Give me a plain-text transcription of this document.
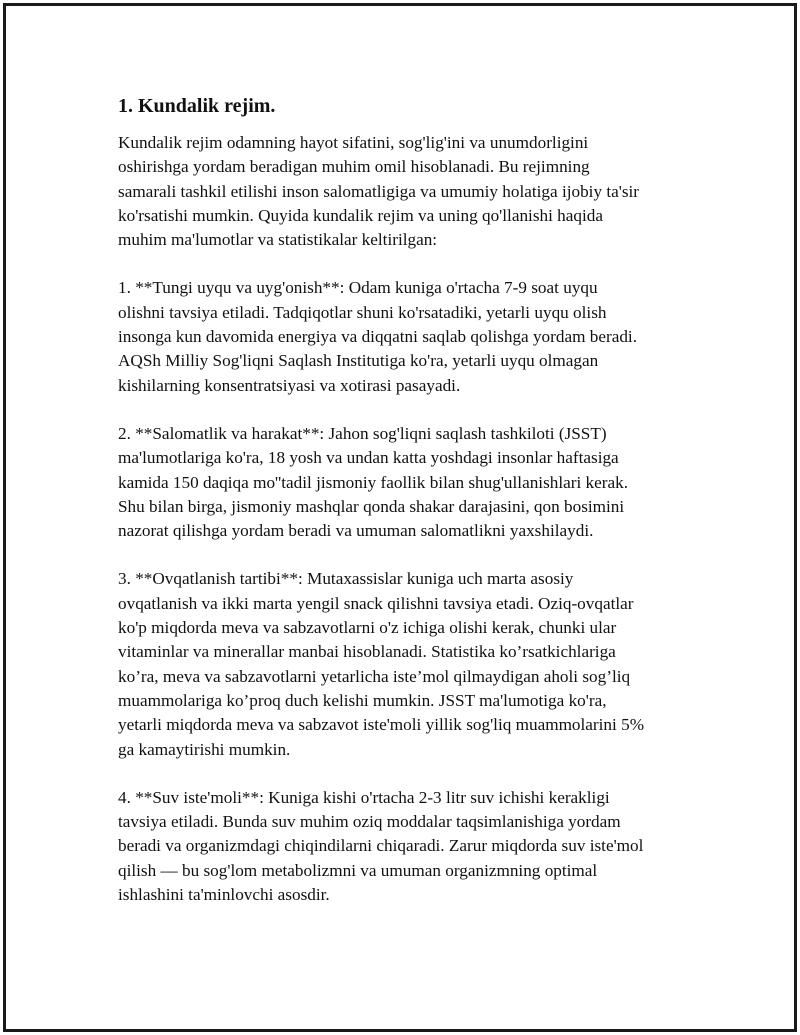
1. Kundalik rejim.

Kundalik rejim odamning hayot sifatini, sog'lig'ini va unumdorligini
oshirishga yordam beradigan muhim omil hisoblanadi. Bu rejimning
samarali tashkil etilishi inson salomatligiga va umumiy holatiga ijobiy ta'sir
ko'rsatishi mumkin. Quyida kundalik rejim va uning qo'llanishi haqida
muhim ma'lumotlar va statistikalar keltirilgan:

1. **Tungi uyqu va uyg'onish**: Odam kuniga o'rtacha 7-9 soat uyqu
olishni tavsiya etiladi. Tadqiqotlar shuni ko'rsatadiki, yetarli uyqu olish
insonga kun davomida energiya va diqqatni saqlab qolishga yordam beradi.
AQSh Milliy Sog'liqni Saqlash Institutiga ko'ra, yetarli uyqu olmagan
kishilarning konsentratsiyasi va xotirasi pasayadi.

2. **Salomatlik va harakat**: Jahon sog'liqni saqlash tashkiloti (JSST)
ma'lumotlariga ko'ra, 18 yosh va undan katta yoshdagi insonlar haftasiga
kamida 150 daqiqa mo''tadil jismoniy faollik bilan shug'ullanishlari kerak.
Shu bilan birga, jismoniy mashqlar qonda shakar darajasini, qon bosimini
nazorat qilishga yordam beradi va umuman salomatlikni yaxshilaydi.

3. **Ovqatlanish tartibi**: Mutaxassislar kuniga uch marta asosiy
ovqatlanish va ikki marta yengil snack qilishni tavsiya etadi. Oziq-ovqatlar
ko'p miqdorda meva va sabzavotlarni o'z ichiga olishi kerak, chunki ular
vitaminlar va minerallar manbai hisoblanadi. Statistika ko’rsatkichlariga
ko’ra, meva va sabzavotlarni yetarlicha iste’mol qilmaydigan aholi sog’liq
muammolariga ko’proq duch kelishi mumkin. JSST ma'lumotiga ko'ra,
yetarli miqdorda meva va sabzavot iste'moli yillik sog'liq muammolarini 5%
ga kamaytirishi mumkin.

4. **Suv iste'moli**: Kuniga kishi o'rtacha 2-3 litr suv ichishi kerakligi
tavsiya etiladi. Bunda suv muhim oziq moddalar taqsimlanishiga yordam
beradi va organizmdagi chiqindilarni chiqaradi. Zarur miqdorda suv iste'mol
qilish — bu sog'lom metabolizmni va umuman organizmning optimal
ishlashini ta'minlovchi asosdir.
